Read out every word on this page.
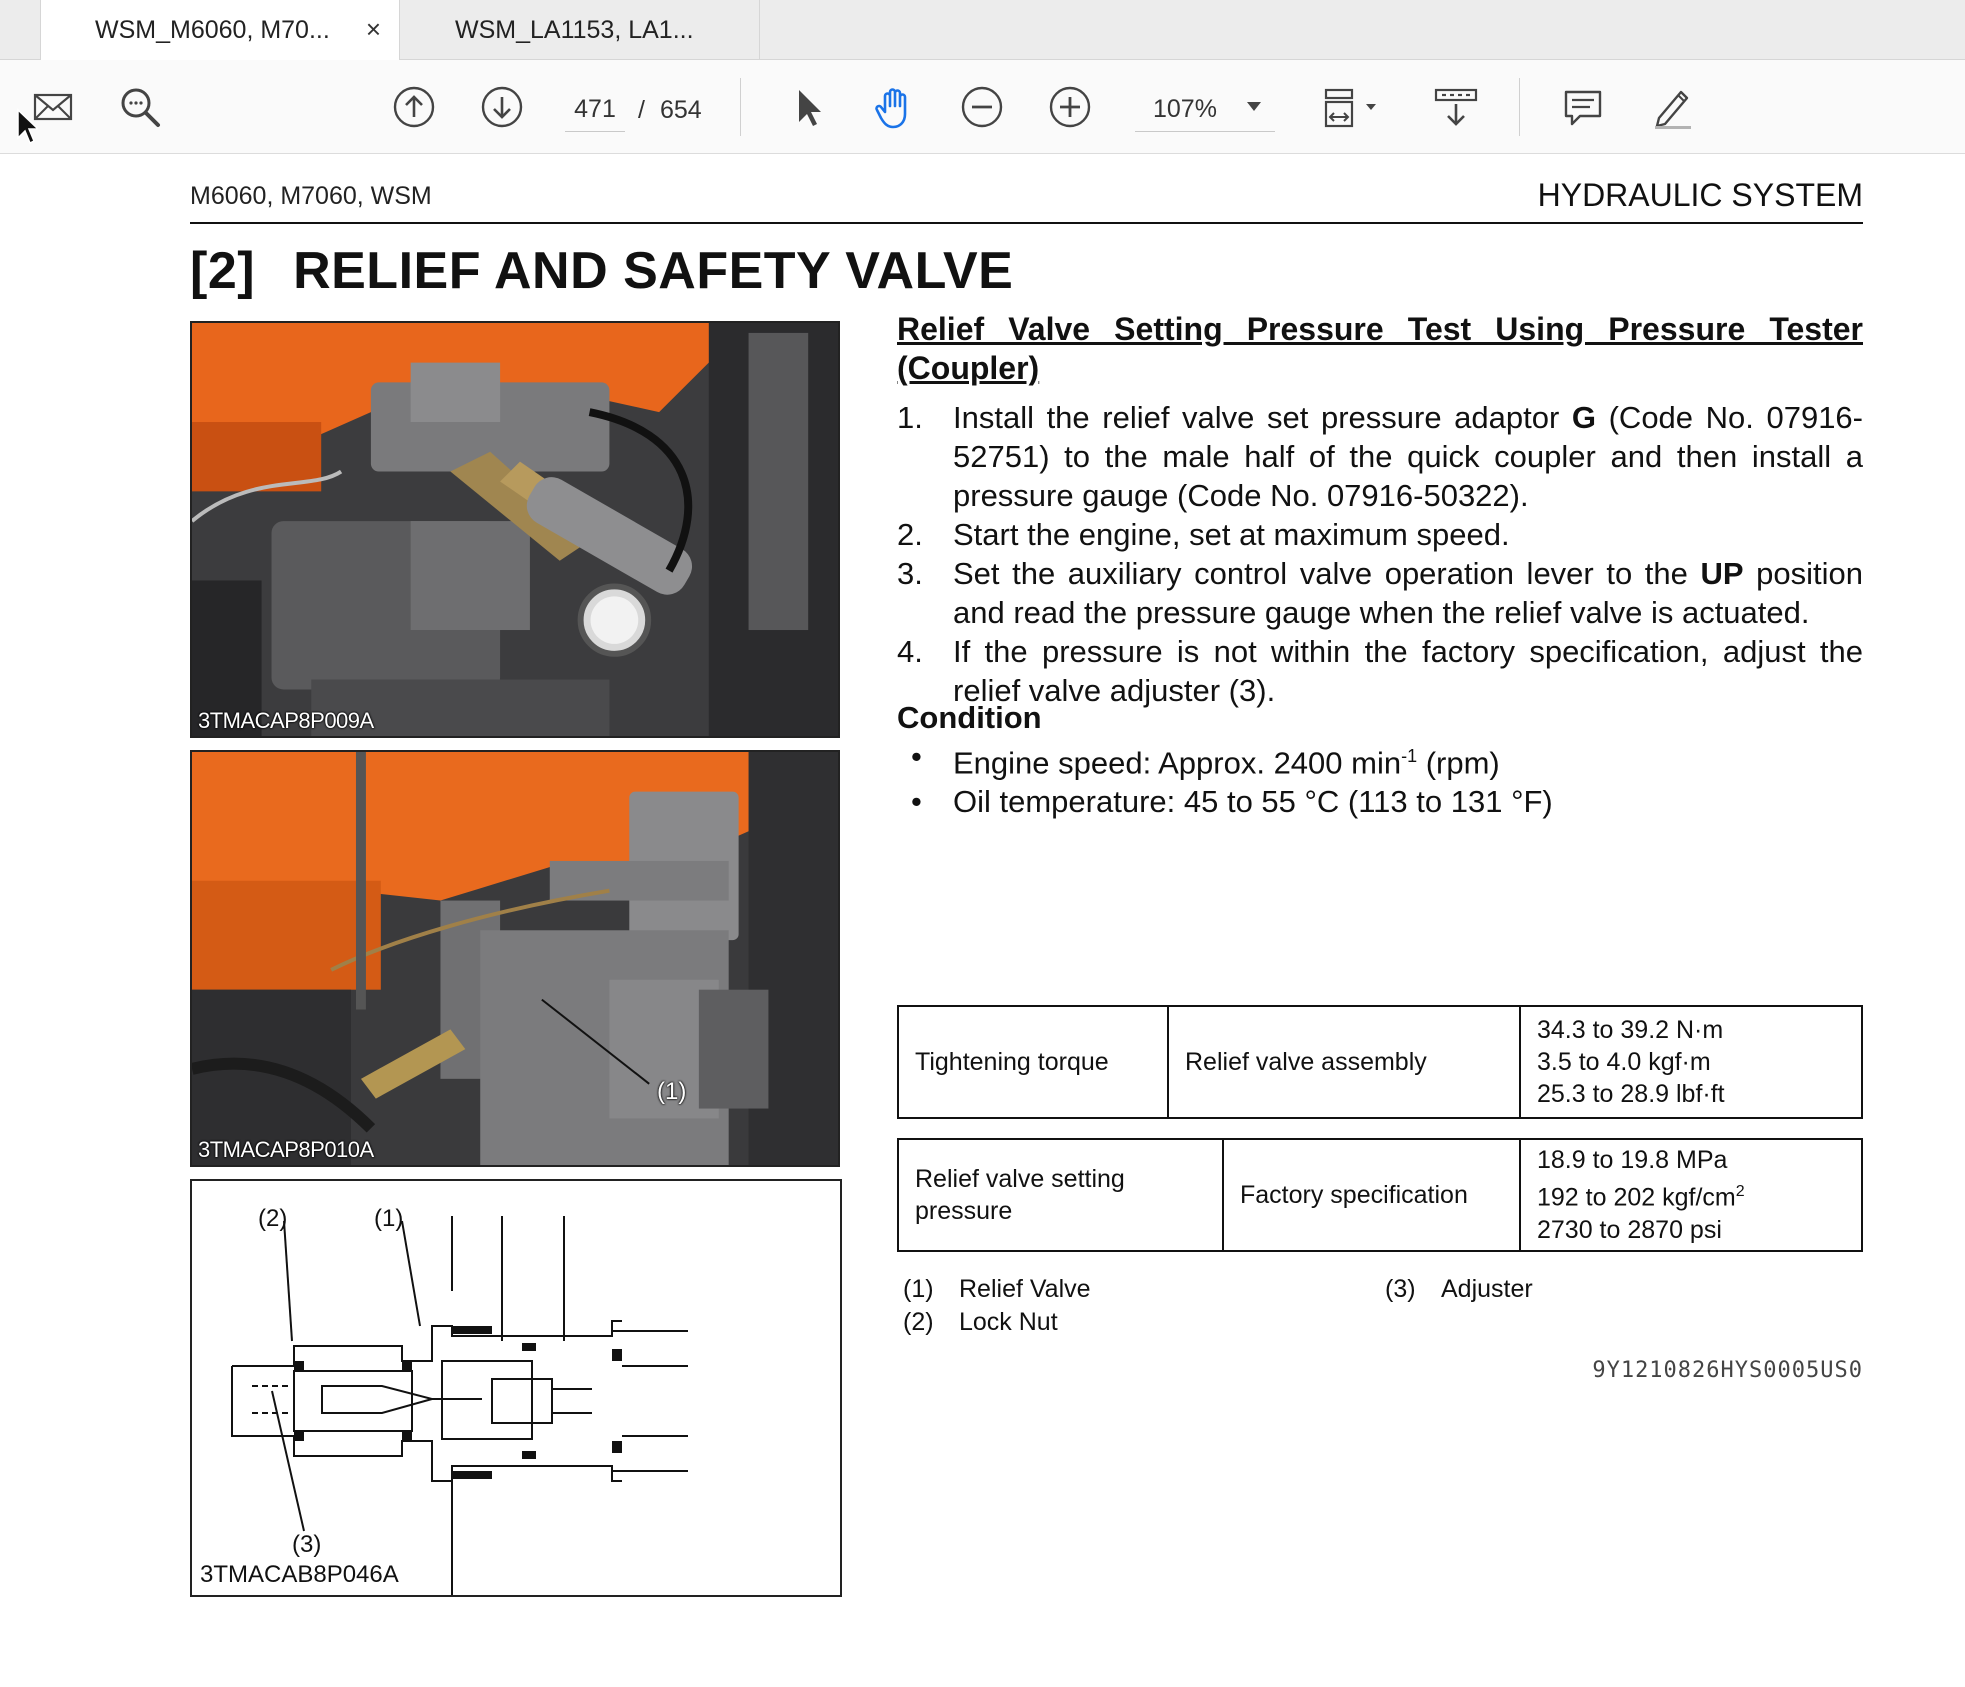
WSM_M6060, M70... ×	WSM_LA1153, LA1...
471 / 654	107%
M6060, M7060, WSM	HYDRAULIC SYSTEM
[2] RELIEF AND SAFETY VALVE
3TMACAP8P009A
3TMACAP8P010A
(1)
(2)	(1)
(3)
3TMACAB8P046A
Relief Valve Setting Pressure Test Using Pressure Tester
(Coupler)
1. Install the relief valve set pressure adaptor G (Code No. 07916-52751) to the male half of the quick coupler and then install a pressure gauge (Code No. 07916-50322).
2. Start the engine, set at maximum speed.
3. Set the auxiliary control valve operation lever to the UP position and read the pressure gauge when the relief valve is actuated.
4. If the pressure is not within the factory specification, adjust the relief valve adjuster (3).
Condition
• Engine speed: Approx. 2400 $\min^{-1} (rpm)$
• Oil temperature: 45 to 55 °C (113 to 131 °F)
Tightening torque	Relief valve assembly	
34.3 to 39.2 N·m
3.5 to 4.0 kgf·m
25.3 to 28.9 lbf·ft
Relief valve setting pressure	Factory specification	
18.9 to 19.8 MPa
192 to 202 kgf/$cm^2$
2730 to 2870 psi
(1) Relief Valve
(2) Lock Nut
(3) Adjuster
9Y1210826HYS0005US0
